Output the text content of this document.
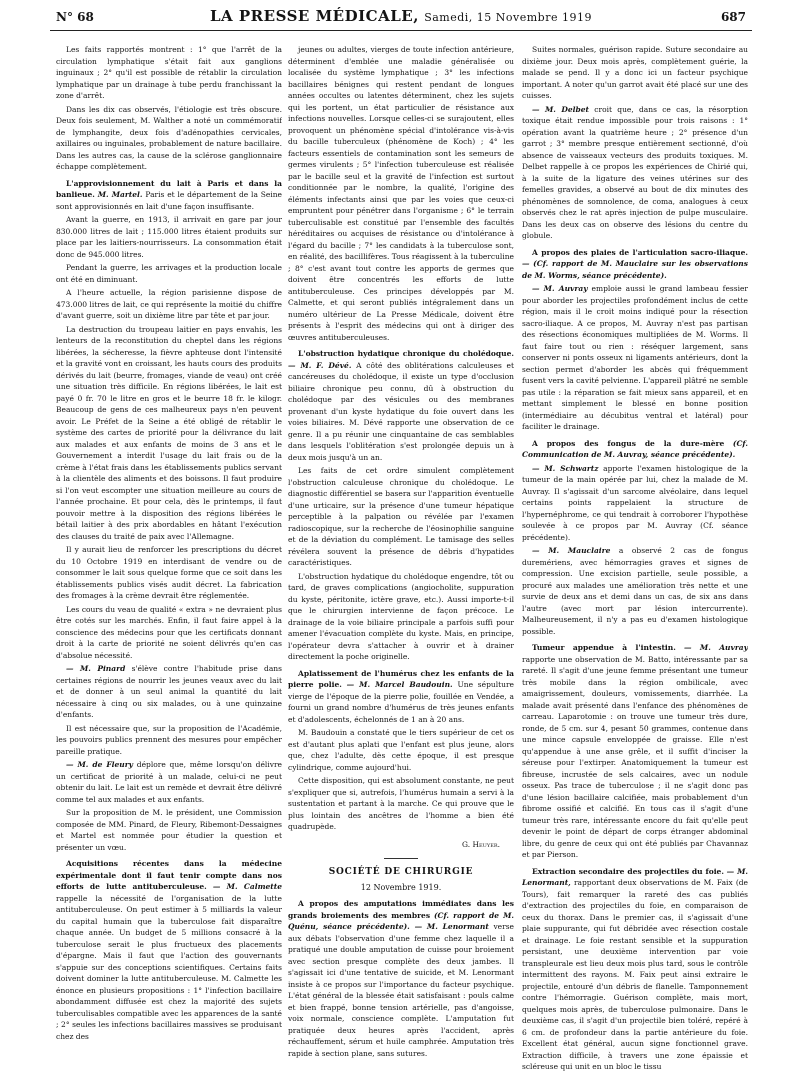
N° 68	LA PRESSE MÉDICALE, Samedi, 15 Novembre 1919	687

Les faits rapportés montrent : 1° que l'arrêt de la circulation lymphatique s'était fait aux ganglions inguinaux ; 2° qu'il est possible de rétablir la circulation lymphatique par un drainage à tube perdu franchissant la zone d'arrêt.

Dans les dix cas observés, l'étiologie est très obscure. Deux fois seulement, M. Walther a noté un commémoratif de lymphangite, deux fois d'adénopathies cervicales, axillaires ou inguinales, probablement de nature bacillaire. Dans les autres cas, la cause de la sclérose ganglionnaire échappe complètement.

L'approvisionnement du lait à Paris et dans la banlieue. M. Martel. Paris et le département de la Seine sont approvisionnés en lait d'une façon insuffisante.

Avant la guerre, en 1913, il arrivait en gare par jour 830.000 litres de lait ; 115.000 litres étaient produits sur place par les laitiers-nourrisseurs. La consommation était donc de 945.000 litres.

Pendant la guerre, les arrivages et la production locale ont été en diminuant.

A l'heure actuelle, la région parisienne dispose de 473.000 litres de lait, ce qui représente la moitié du chiffre d'avant guerre, soit un dixième litre par tête et par jour.

La destruction du troupeau laitier en pays envahis, les lenteurs de la reconstitution du cheptel dans les régions libérées, la sécheresse, la fièvre aphteuse dont l'intensité et la gravité vont en croissant, les hauts cours des produits dérivés du lait (beurre, fromages, viande de veau) ont créé une situation très difficile. En régions libérées, le lait est payé 0 fr. 70 le litre en gros et le beurre 18 fr. le kilogr. Beaucoup de gens de ces malheureux pays n'en peuvent avoir. Le Préfet de la Seine a été obligé de rétablir le système des cartes de priorité pour la délivrance du lait aux malades et aux enfants de moins de 3 ans et le Gouvernement a interdit l'usage du lait frais ou de la crème à l'état frais dans les établissements publics servant à la clientèle des aliments et des boissons. Il faut produire si l'on veut escompter une situation meilleure au cours de l'année prochaine. Et pour cela, dès le printemps, il faut pouvoir mettre à la disposition des régions libérées le bétail laitier à des prix abordables en hâtant l'exécution des clauses du traité de paix avec l'Allemagne.

Il y aurait lieu de renforcer les prescriptions du décret du 10 Octobre 1919 en interdisant de vendre ou de consommer le lait sous quelque forme que ce soit dans les établissements publics visés audit décret. La fabrication des fromages à la crème devrait être réglementée.

Les cours du veau de qualité « extra » ne devraient plus être cotés sur les marchés. Enfin, il faut faire appel à la conscience des médecins pour que les certificats donnant droit à la carte de priorité ne soient délivrés qu'en cas d'absolue nécessité.

— M. Pinard s'élève contre l'habitude prise dans certaines régions de nourrir les jeunes veaux avec du lait et de donner à un seul animal la quantité du lait nécessaire à cinq ou six malades, ou à une quinzaine d'enfants.

Il est nécessaire que, sur la proposition de l'Académie, les pouvoirs publics prennent des mesures pour empêcher pareille pratique.

— M. de Fleury déplore que, même lorsqu'on délivre un certificat de priorité à un malade, celui-ci ne peut obtenir du lait. Le lait est un remède et devrait être délivré comme tel aux malades et aux enfants.

Sur la proposition de M. le président, une Commission composée de MM. Pinard, de Fleury, Ribemont-Dessaignes et Martel est nommée pour étudier la question et présenter un vœu.

Acquisitions récentes dans la médecine expérimentale dont il faut tenir compte dans nos efforts de lutte antituberculeuse. — M. Calmette rappelle la nécessité de l'organisation de la lutte antituberculeuse. On peut estimer à 5 milliards la valeur du capital humain que la tuberculose fait disparaître chaque année. Un budget de 5 millions consacré à la tuberculose serait le plus fructueux des placements d'épargne. Mais il faut que l'action des gouvernants s'appuie sur des conceptions scientifiques. Certains faits doivent dominer la lutte antituberculeuse. M. Calmette les énonce en plusieurs propositions : 1° l'infection bacillaire abondamment diffusée est chez la majorité des sujets tuberculisables compatible avec les apparences de la santé ; 2° seules les infections bacillaires massives se produisant chez des

jeunes ou adultes, vierges de toute infection antérieure, déterminent d'emblée une maladie généralisée ou localisée du système lymphatique ; 3° les infections bacillaires bénignes qui restent pendant de longues années occultes ou latentes déterminent, chez les sujets qui les portent, un état particulier de résistance aux infections nouvelles. Lorsque celles-ci se surajoutent, elles provoquent un phénomène spécial d'intolérance vis-à-vis du bacille tuberculeux (phénomène de Koch) ; 4° les facteurs essentiels de contamination sont les semeurs de germes virulents ; 5° l'infection tuberculeuse est réalisée par le bacille seul et la gravité de l'infection est surtout conditionnée par le nombre, la qualité, l'origine des éléments infectants ainsi que par les voies que ceux-ci empruntent pour pénétrer dans l'organisme ; 6° le terrain tuberculisable est constitué par l'ensemble des facultés héréditaires ou acquises de résistance ou d'intolérance à l'égard du bacille ; 7° les candidats à la tuberculose sont, en réalité, des bacillifères. Tous réagissent à la tuberculine ; 8° c'est avant tout contre les apports de germes que doivent être concentrés les efforts de lutte antituberculeuse. Ces principes développés par M. Calmette, et qui seront publiés intégralement dans un numéro ultérieur de La Presse Médicale, doivent être présents à l'esprit des médecins qui ont à diriger des œuvres antituberculeuses.

L'obstruction hydatique chronique du cholédoque. — M. F. Dévé. A côté des oblitérations calculeuses et cancéreuses du cholédoque, il existe un type d'occlusion biliaire chronique peu connu, dû à obstruction du cholédoque par des vésicules ou des membranes provenant d'un kyste hydatique du foie ouvert dans les voies biliaires. M. Dévé rapporte une observation de ce genre. Il a pu réunir une cinquantaine de cas semblables dans lesquels l'oblitération s'est prolongée depuis un à deux mois jusqu'à un an.

Les faits de cet ordre simulent complètement l'obstruction calculeuse chronique du cholédoque. Le diagnostic différentiel se basera sur l'apparition éventuelle d'une urticaire, sur la présence d'une tumeur hépatique perceptible à la palpation ou révélée par l'examen radioscopique, sur la recherche de l'éosinophilie sanguine et de la déviation du complément. Le tamisage des selles révélera souvent la présence de débris d'hypatides caractéristiques.

L'obstruction hydatique du cholédoque engendre, tôt ou tard, de graves complications (angiocholite, suppuration du kyste, péritonite, ictère grave, etc.). Aussi importe-t-il que le chirurgien intervienne de façon précoce. Le drainage de la voie biliaire principale a parfois suffi pour amener l'évacuation complète du kyste. Mais, en principe, l'opérateur devra s'attacher à ouvrir et à drainer directement la poche originelle.

Aplatissement de l'humérus chez les enfants de la pierre polie. — M. Marcel Baudouin. Une sépulture vierge de l'époque de la pierre polie, fouillée en Vendée, a fourni un grand nombre d'humérus de très jeunes enfants et d'adolescents, échelonnés de 1 an à 20 ans.

M. Baudouin a constaté que le tiers supérieur de cet os est d'autant plus aplati que l'enfant est plus jeune, alors que, chez l'adulte, dès cette époque, il est presque cylindrique, comme aujourd'hui.

Cette disposition, qui est absolument constante, ne peut s'expliquer que si, autrefois, l'humérus humain a servi à la sustentation et partant à la marche. Ce qui prouve que le plus lointain des ancêtres de l'homme a bien été quadrupède.

G. Heuyer.

SOCIÉTÉ DE CHIRURGIE
12 Novembre 1919.

A propos des amputations immédiates dans les grands broiements des membres (Cf. rapport de M. Quénu, séance précédente). — M. Lenormant verse aux débats l'observation d'une femme chez laquelle il a pratiqué une double amputation de cuisse pour broiement avec section presque complète des deux jambes. Il s'agissait ici d'une tentative de suicide, et M. Lenormant insiste à ce propos sur l'importance du facteur psychique. L'état général de la blessée était satisfaisant : pouls calme et bien frappé, bonne tension artérielle, pas d'angoisse, voix normale, conscience complète. L'amputation fut pratiquée deux heures après l'accident, après réchauffement, sérum et huile camphrée. Amputation très rapide à section plane, sans sutures.

Suites normales, guérison rapide. Suture secondaire au dixième jour. Deux mois après, complètement guérie, la malade se pend. Il y a donc ici un facteur psychique important. A noter qu'un garrot avait été placé sur une des cuisses.

— M. Delbet croit que, dans ce cas, la résorption toxique était rendue impossible pour trois raisons : 1° opération avant la quatrième heure ; 2° présence d'un garrot ; 3° membre presque entièrement sectionné, d'où absence de vaisseaux vecteurs des produits toxiques. M. Delbet rappelle à ce propos les expériences de Chirié qui, à la suite de la ligature des veines utérines sur des femelles gravides, a observé au bout de dix minutes des phénomènes de somnolence, de coma, analogues à ceux observés chez le rat après injection de pulpe musculaire. Dans les deux cas on observe des lésions du centre du globule.

A propos des plaies de l'articulation sacro-iliaque. — (Cf. rapport de M. Mauclaire sur les observations de M. Worms, séance précédente).

— M. Auvray emploie aussi le grand lambeau fessier pour aborder les projectiles profondément inclus de cette région, mais il le croit moins indiqué pour la résection sacro-iliaque. A ce propos, M. Auvray n'est pas partisan des résections économiques multipliées de M. Worms. Il faut faire tout ou rien : réséquer largement, sans conserver ni ponts osseux ni ligaments antérieurs, dont la section permet d'aborder les abcès qui fréquemment fusent vers la cavité pelvienne. L'appareil plâtré ne semble pas utile : la réparation se fait mieux sans appareil, et en mettant simplement le blessé en bonne position (intermédiaire au décubitus ventral et latéral) pour faciliter le drainage.

A propos des fongus de la dure-mère (Cf. Communication de M. Auvray, séance précédente).

— M. Schwartz apporte l'examen histologique de la tumeur de la main opérée par lui, chez la malade de M. Auvray. Il s'agissait d'un sarcome alvéolaire, dans lequel certains points rappelaient la structure de l'hypernéphrome, ce qui tendrait à corroborer l'hypothèse soulevée à ce propos par M. Auvray (Cf. séance précédente).

— M. Mauclaire a observé 2 cas de fongus duremériens, avec hémorragies graves et signes de compression. Une excision partielle, seule possible, a procuré aux malades une amélioration très nette et une survie de deux ans et demi dans un cas, de six ans dans l'autre (avec mort par lésion intercurrente). Malheureusement, il n'y a pas eu d'examen histologique possible.

Tumeur appendue à l'intestin. — M. Auvray rapporte une observation de M. Batto, intéressante par sa rareté. Il s'agit d'une jeune femme présentant une tumeur très mobile dans la région ombilicale, avec amaigrissement, douleurs, vomissements, diarrhée. La malade avait présenté dans l'enfance des phénomènes de carreau. Laparotomie : on trouve une tumeur très dure, ronde, de 5 cm. sur 4, pesant 50 grammes, contenue dans une mince capsule enveloppée de graisse. Elle n'est qu'appendue à une anse grêle, et il suffit d'inciser la séreuse pour l'extirper. Anatomiquement la tumeur est fibreuse, incrustée de sels calcaires, avec un nodule osseux. Pas trace de tuberculose ; il ne s'agit donc pas d'une lésion bacillaire calcifiée, mais probablement d'un fibrome ossifié et calcifié. En tous cas il s'agit d'une tumeur très rare, intéressante encore du fait qu'elle peut devenir le point de départ de corps étranger abdominal libre, du genre de ceux qui ont été publiés par Chavannaz et par Pierson.

Extraction secondaire des projectiles du foie. — M. Lenormant, rapportant deux observations de M. Faix (de Tours), fait remarquer la rareté des cas publiés d'extraction des projectiles du foie, en comparaison de ceux du thorax. Dans le premier cas, il s'agissait d'une plaie suppurante, qui fut débridée avec résection costale et drainage. Le foie restant sensible et la suppuration persistant, une deuxième intervention par voie transpleurale est lieu deux mois plus tard, sous le contrôle intermittent des rayons. M. Faix peut ainsi extraire le projectile, entouré d'un débris de flanelle. Tamponnement contre l'hémorragie. Guérison complète, mais mort, quelques mois après, de tuberculose pulmonaire. Dans le deuxième cas, il s'agit d'un projectile bien toléré, repéré à 6 cm. de profondeur dans la partie antérieure du foie. Excellent état général, aucun signe fonctionnel grave. Extraction difficile, à travers une zone épaissie et scléreuse qui unit en un bloc le tissu
